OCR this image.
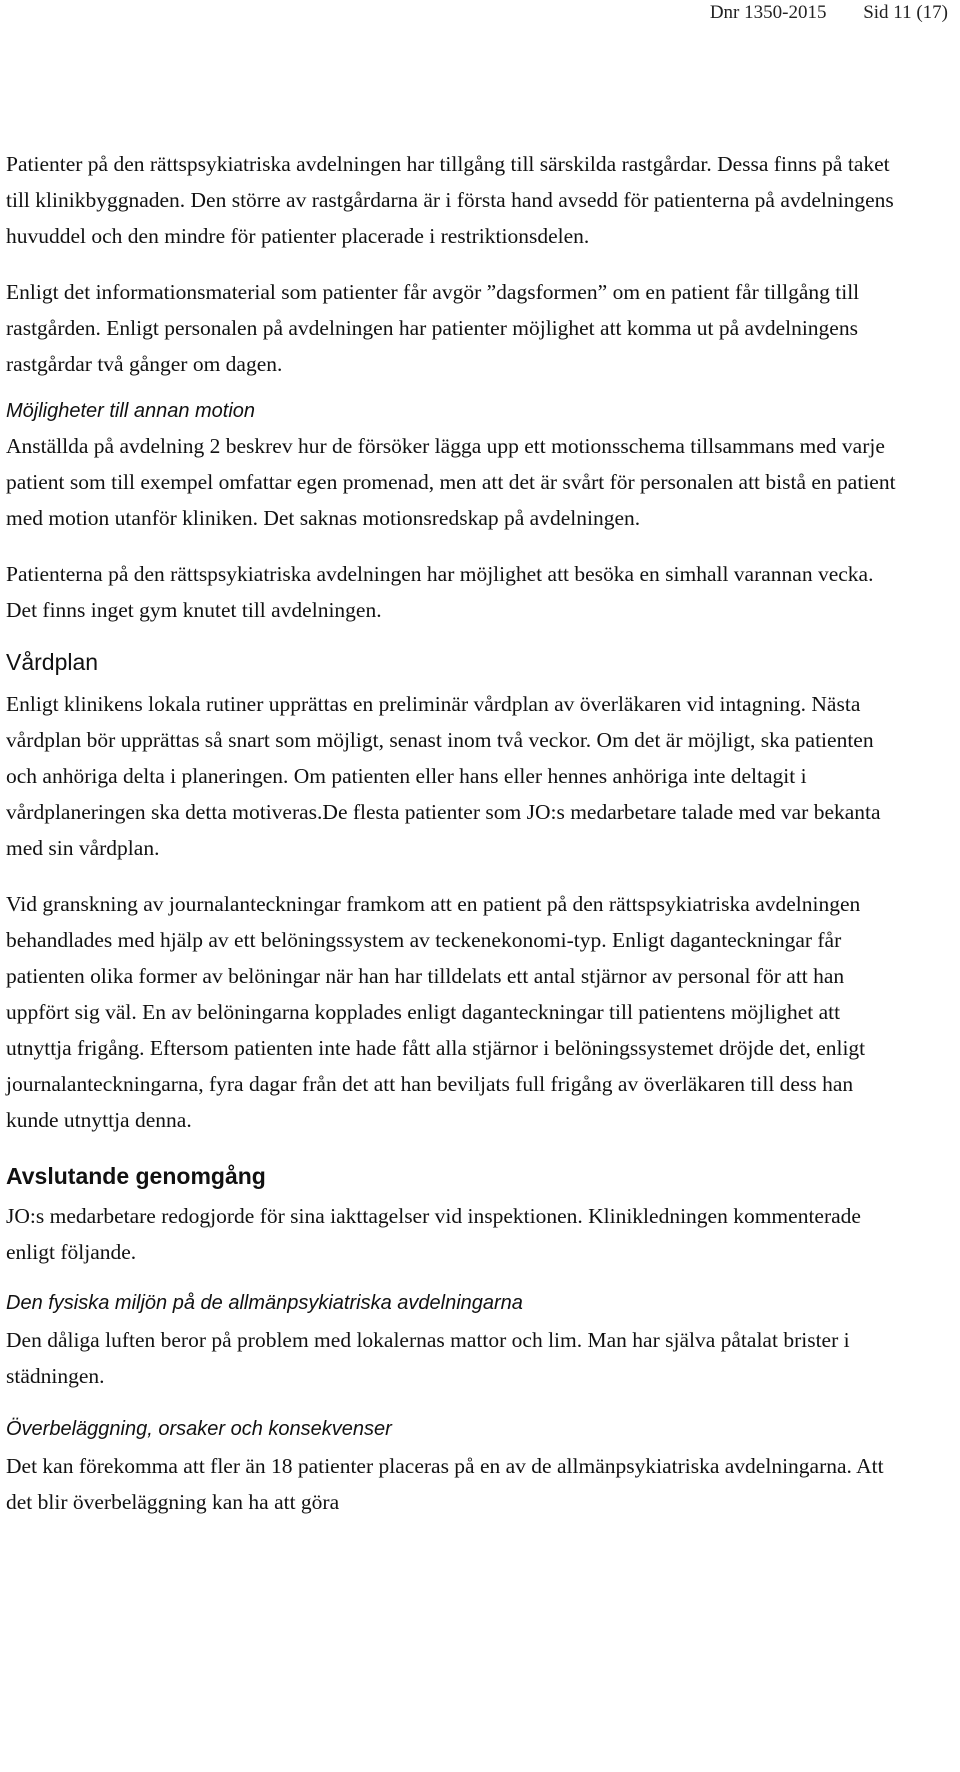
Dnr 1350-2015 Sid 11 (17)

Patienter på den rättspsykiatriska avdelningen har tillgång till särskilda rastgårdar. Dessa finns på taket till klinikbyggnaden. Den större av rastgårdarna är i första hand avsedd för patienterna på avdelningens huvuddel och den mindre för patienter placerade i restriktionsdelen.

Enligt det informationsmaterial som patienter får avgör ”dagsformen” om en patient får tillgång till rastgården. Enligt personalen på avdelningen har patienter möjlighet att komma ut på avdelningens rastgårdar två gånger om dagen.

Möjligheter till annan motion

Anställda på avdelning 2 beskrev hur de försöker lägga upp ett motionsschema tillsammans med varje patient som till exempel omfattar egen promenad, men att det är svårt för personalen att bistå en patient med motion utanför kliniken. Det saknas motionsredskap på avdelningen.

Patienterna på den rättspsykiatriska avdelningen har möjlighet att besöka en simhall varannan vecka. Det finns inget gym knutet till avdelningen.

Vårdplan

Enligt klinikens lokala rutiner upprättas en preliminär vårdplan av överläkaren vid intagning. Nästa vårdplan bör upprättas så snart som möjligt, senast inom två veckor. Om det är möjligt, ska patienten och anhöriga delta i planeringen. Om patienten eller hans eller hennes anhöriga inte deltagit i vårdplaneringen ska detta motiveras.De flesta patienter som JO:s medarbetare talade med var bekanta med sin vårdplan.

Vid granskning av journalanteckningar framkom att en patient på den rättspsykiatriska avdelningen behandlades med hjälp av ett belöningssystem av teckenekonomi-typ. Enligt daganteckningar får patienten olika former av belöningar när han har tilldelats ett antal stjärnor av personal för att han uppfört sig väl. En av belöningarna kopplades enligt daganteckningar till patientens möjlighet att utnyttja frigång. Eftersom patienten inte hade fått alla stjärnor i belöningssystemet dröjde det, enligt journalanteckningarna, fyra dagar från det att han beviljats full frigång av överläkaren till dess han kunde utnyttja denna.

Avslutande genomgång

JO:s medarbetare redogjorde för sina iakttagelser vid inspektionen. Klinikledningen kommenterade enligt följande.

Den fysiska miljön på de allmänpsykiatriska avdelningarna

Den dåliga luften beror på problem med lokalernas mattor och lim. Man har själva påtalat brister i städningen.

Överbeläggning, orsaker och konsekvenser

Det kan förekomma att fler än 18 patienter placeras på en av de allmänpsykiatriska avdelningarna. Att det blir överbeläggning kan ha att göra
